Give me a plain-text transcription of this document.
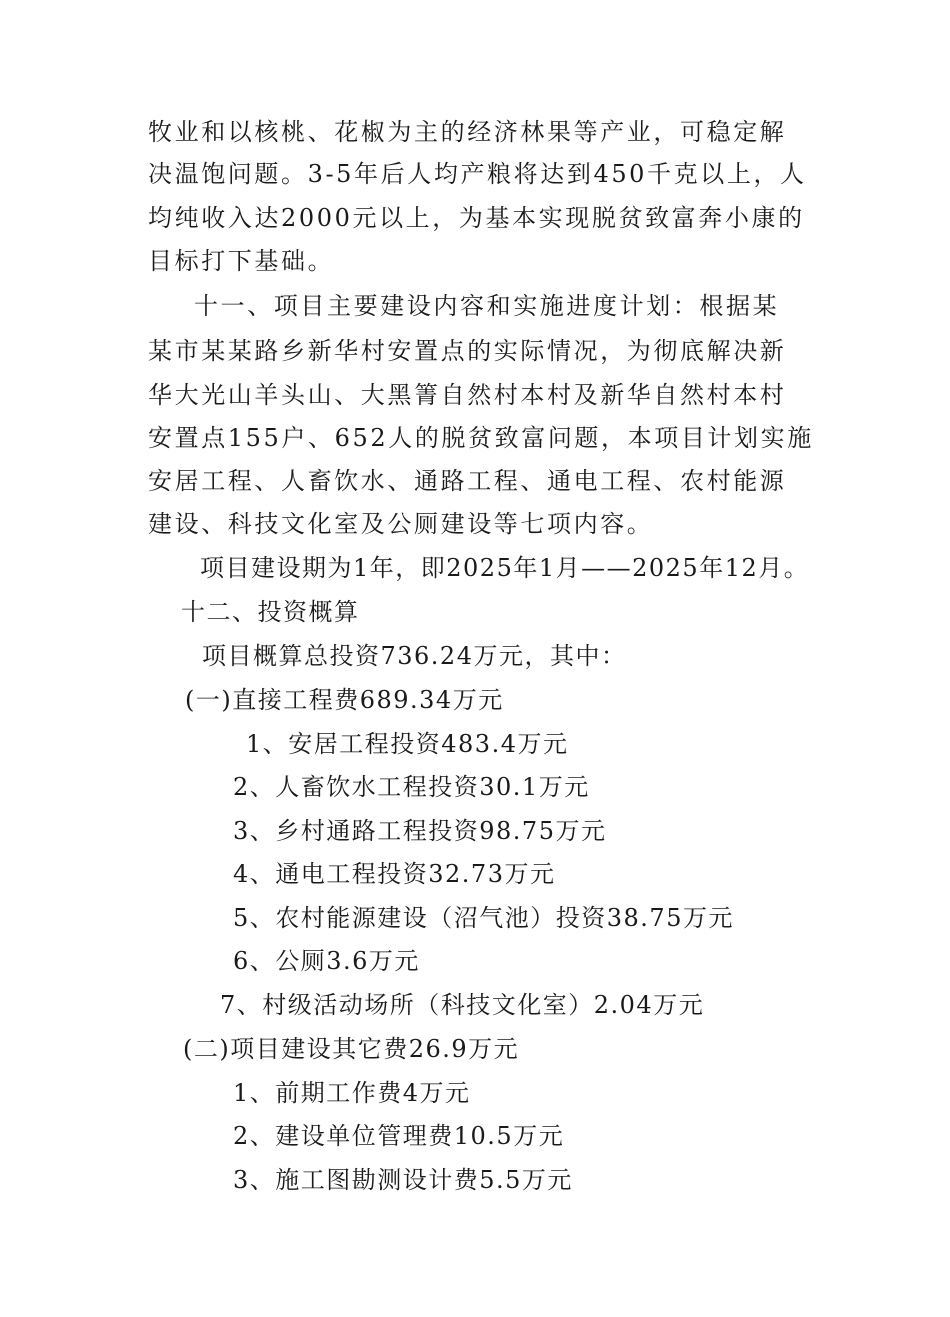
牧业和以核桃、花椒为主的经济林果等产业，可稳定解
决温饱问题。3-5年后人均产粮将达到450千克以上，人
均纯收入达2000元以上，为基本实现脱贫致富奔小康的
目标打下基础。
十一、项目主要建设内容和实施进度计划：根据某
某市某某路乡新华村安置点的实际情况，为彻底解决新
华大光山羊头山、大黑箐自然村本村及新华自然村本村
安置点155户、652人的脱贫致富问题，本项目计划实施
安居工程、人畜饮水、通路工程、通电工程、农村能源
建设、科技文化室及公厕建设等七项内容。
项目建设期为1年，即2025年1月——2025年12月。
十二、投资概算
项目概算总投资736.24万元，其中：
(一)直接工程费689.34万元
1、安居工程投资483.4万元
2、人畜饮水工程投资30.1万元
3、乡村通路工程投资98.75万元
4、通电工程投资32.73万元
5、农村能源建设（沼气池）投资38.75万元
6、公厕3.6万元
7、村级活动场所（科技文化室）2.04万元
(二)项目建设其它费26.9万元
1、前期工作费4万元
2、建设单位管理费10.5万元
3、施工图勘测设计费5.5万元
